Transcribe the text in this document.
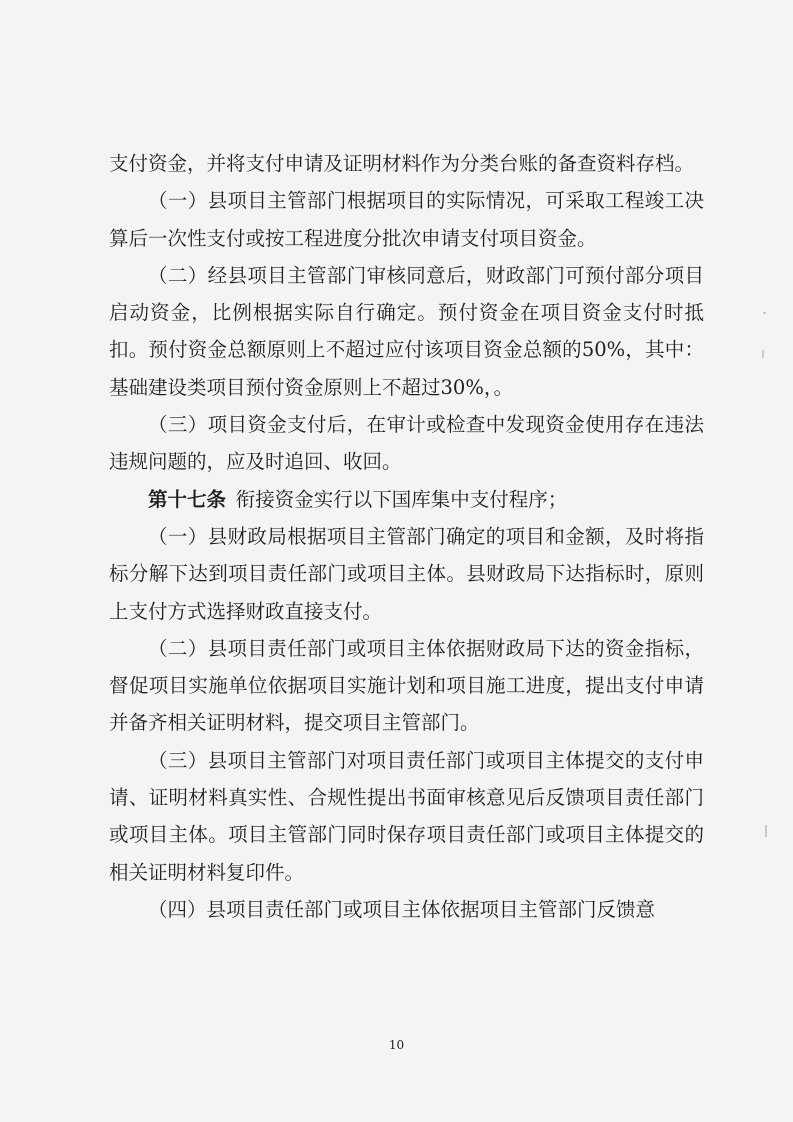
支付资金，并将支付申请及证明材料作为分类台账的备查资料存档。

（一）县项目主管部门根据项目的实际情况，可采取工程竣工决算后一次性支付或按工程进度分批次申请支付项目资金。

（二）经县项目主管部门审核同意后，财政部门可预付部分项目启动资金，比例根据实际自行确定。预付资金在项目资金支付时抵扣。预付资金总额原则上不超过应付该项目资金总额的50%，其中：基础建设类项目预付资金原则上不超过30%，。

（三）项目资金支付后，在审计或检查中发现资金使用存在违法违规问题的，应及时追回、收回。

第十七条  衔接资金实行以下国库集中支付程序；

（一）县财政局根据项目主管部门确定的项目和金额，及时将指标分解下达到项目责任部门或项目主体。县财政局下达指标时，原则上支付方式选择财政直接支付。

（二）县项目责任部门或项目主体依据财政局下达的资金指标，督促项目实施单位依据项目实施计划和项目施工进度，提出支付申请并备齐相关证明材料，提交项目主管部门。

（三）县项目主管部门对项目责任部门或项目主体提交的支付申请、证明材料真实性、合规性提出书面审核意见后反馈项目责任部门或项目主体。项目主管部门同时保存项目责任部门或项目主体提交的相关证明材料复印件。

（四）县项目责任部门或项目主体依据项目主管部门反馈意

10
